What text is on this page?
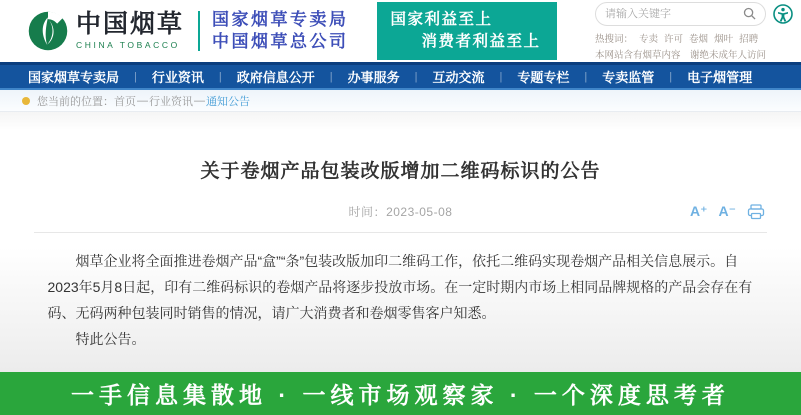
中国烟草
CHINA TOBACCO
国家烟草专卖局
中国烟草总公司
国家利益至上
消费者利益至上
请输入关键字	热搜词： 专卖 许可 卷烟 烟叶 招聘
本网站含有烟草内容　谢绝未成年人访问
国家烟草专卖局 | 行业资讯 | 政府信息公开 | 办事服务 | 互动交流 | 专题专栏 | 专卖监管 | 电子烟管理
您当前的位置： 首页 — 行业资讯 — 通知公告
关于卷烟产品包装改版增加二维码标识的公告
时间：2023-05-08	A⁺ A⁻

烟草企业将全面推进卷烟产品“盒”“条”包装改版加印二维码工作，依托二维码实现卷烟产品相关信息展示。自2023年5月8日起，印有二维码标识的卷烟产品将逐步投放市场。在一定时期内市场上相同品牌规格的产品会存在有码、无码两种包装同时销售的情况，请广大消费者和卷烟零售客户知悉。

特此公告。

一手信息集散地 · 一线市场观察家 · 一个深度思考者
